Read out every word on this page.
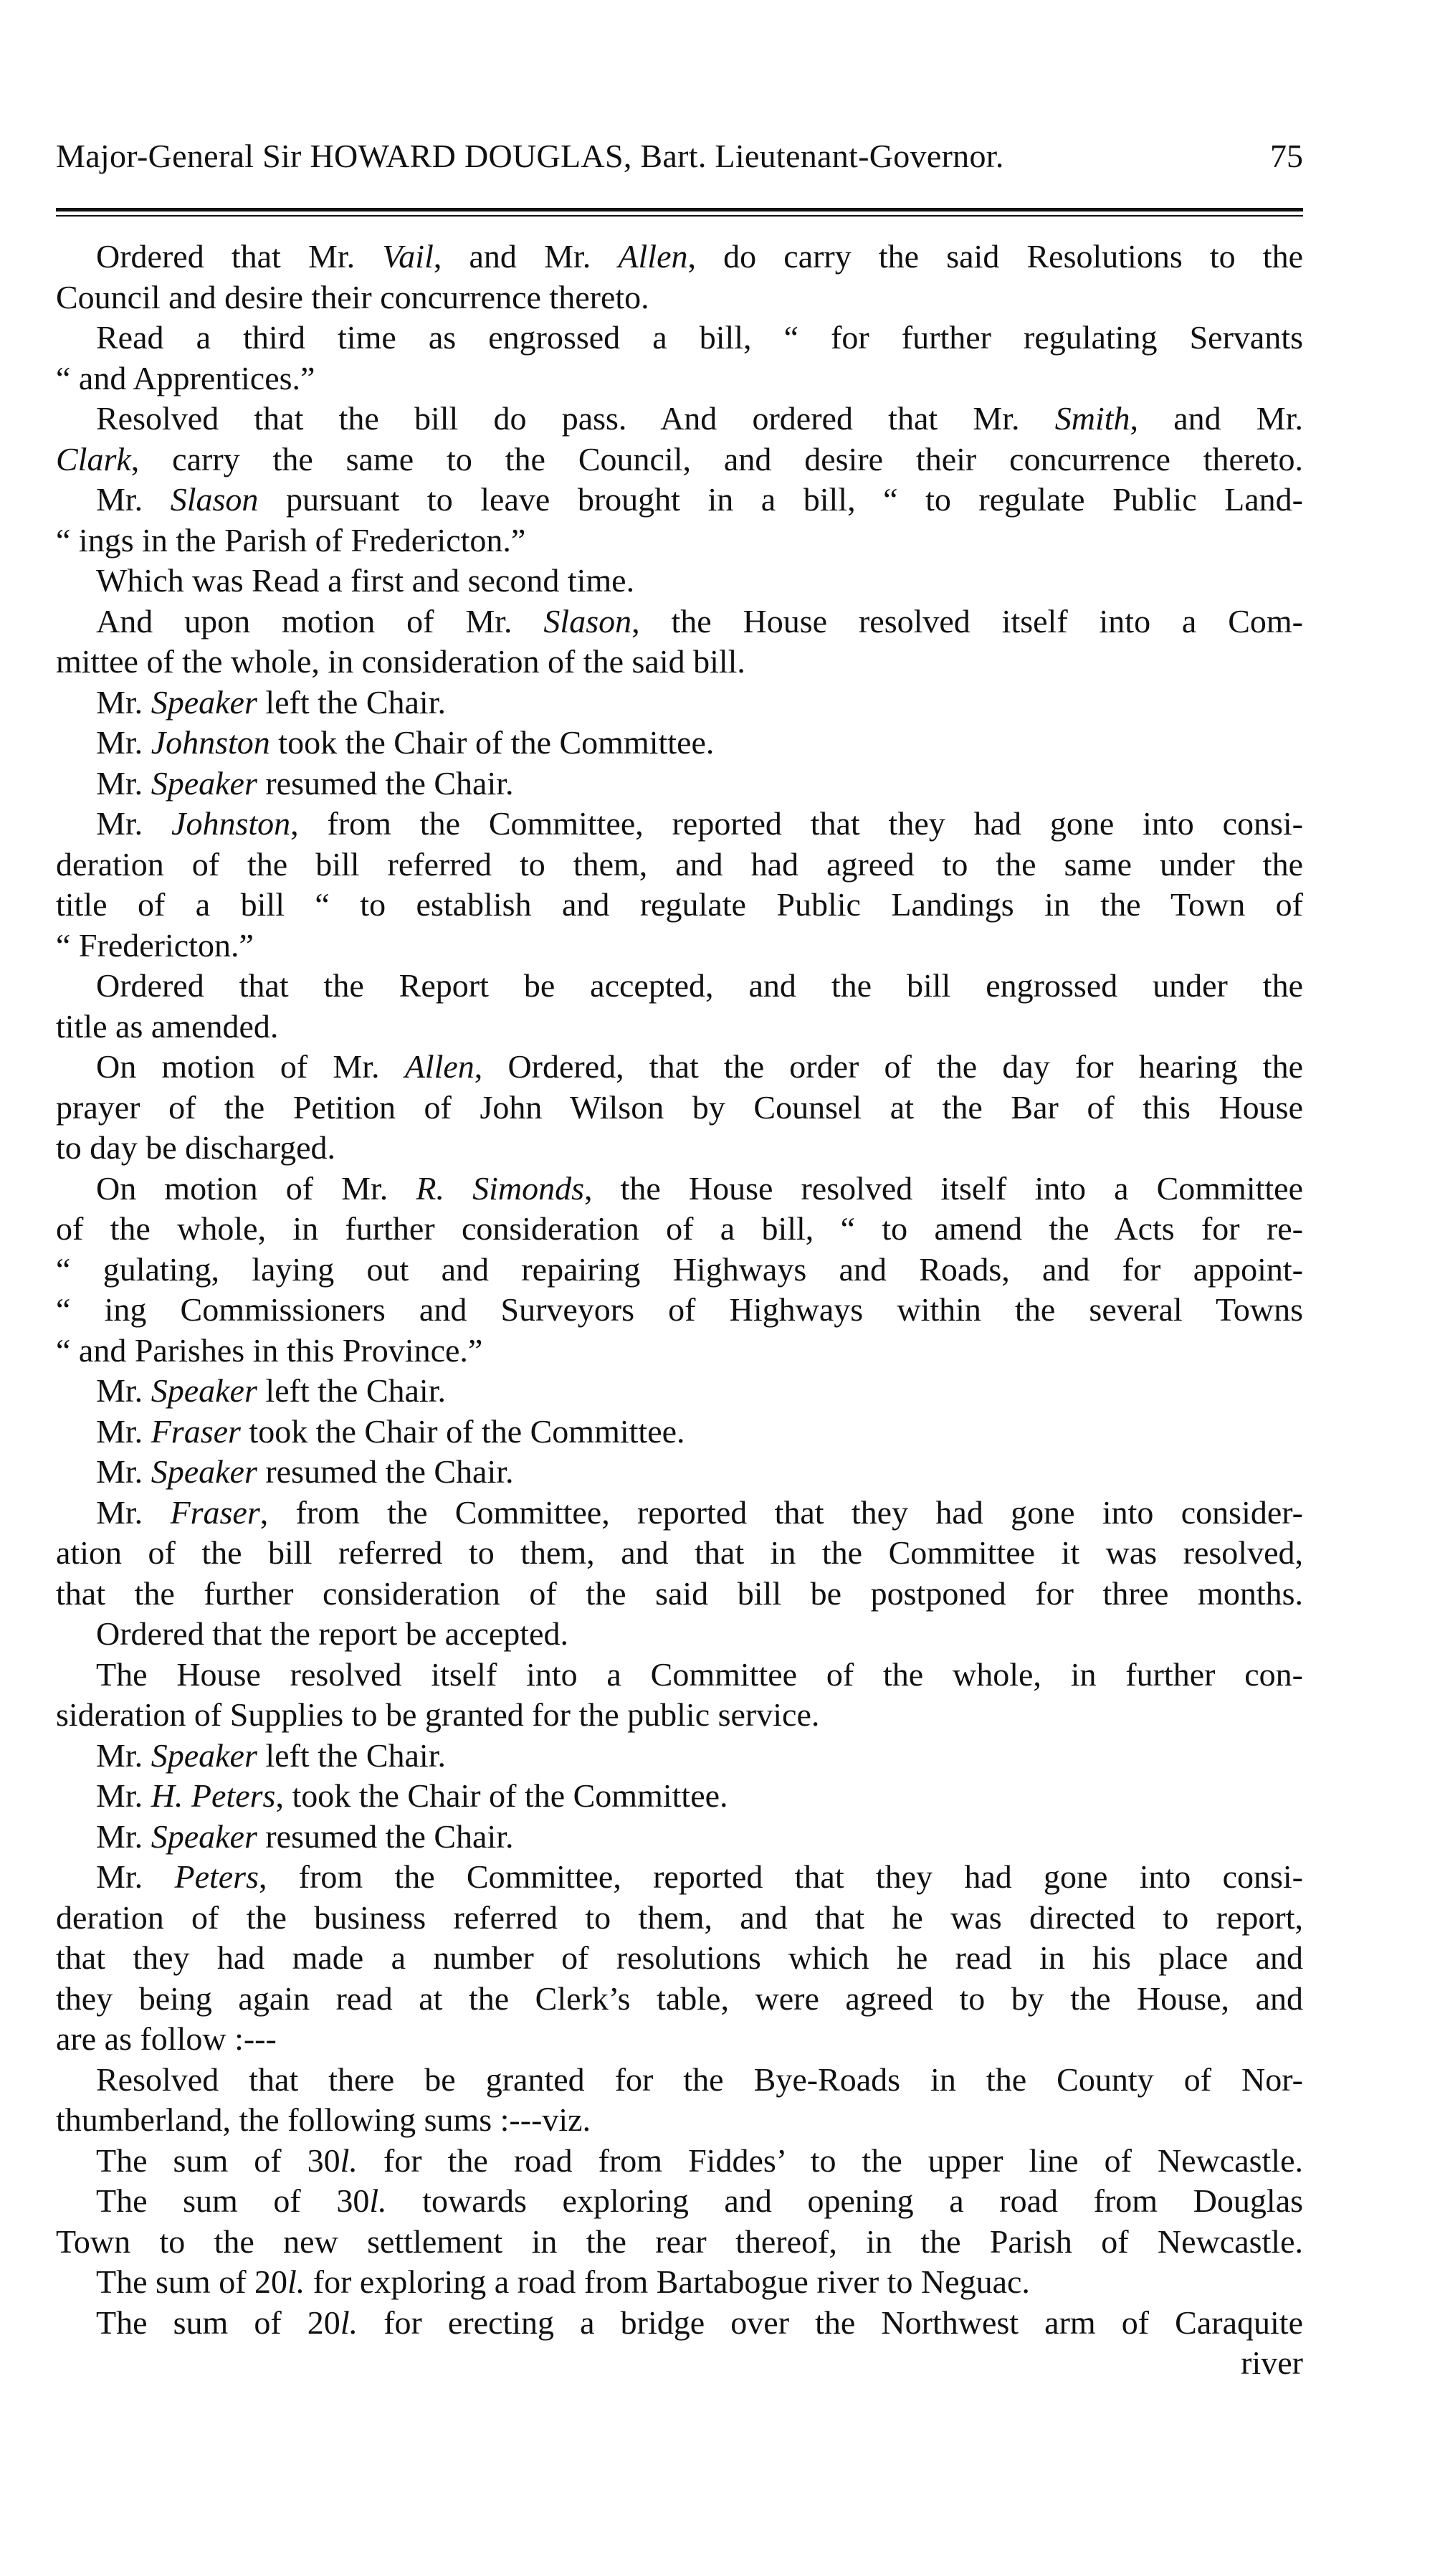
Major-General Sir HOWARD DOUGLAS, Bart. Lieutenant-Governor.	75
Ordered that Mr. Vail, and Mr. Allen, do carry the said Resolutions to the
Council and desire their concurrence thereto.
Read a third time as engrossed a bill, “ for further regulating Servants
“ and Apprentices.”
Resolved that the bill do pass. And ordered that Mr. Smith, and Mr.
Clark, carry the same to the Council, and desire their concurrence thereto.
Mr. Slason pursuant to leave brought in a bill, “ to regulate Public Land-
“ ings in the Parish of Fredericton.”
Which was Read a first and second time.
And upon motion of Mr. Slason, the House resolved itself into a Com-
mittee of the whole, in consideration of the said bill.
Mr. Speaker left the Chair.
Mr. Johnston took the Chair of the Committee.
Mr. Speaker resumed the Chair.
Mr. Johnston, from the Committee, reported that they had gone into consi-
deration of the bill referred to them, and had agreed to the same under the
title of a bill “ to establish and regulate Public Landings in the Town of
“ Fredericton.”
Ordered that the Report be accepted, and the bill engrossed under the
title as amended.
On motion of Mr. Allen, Ordered, that the order of the day for hearing the
prayer of the Petition of John Wilson by Counsel at the Bar of this House
to day be discharged.
On motion of Mr. R. Simonds, the House resolved itself into a Committee
of the whole, in further consideration of a bill, “ to amend the Acts for re-
“ gulating, laying out and repairing Highways and Roads, and for appoint-
“ ing Commissioners and Surveyors of Highways within the several Towns
“ and Parishes in this Province.”
Mr. Speaker left the Chair.
Mr. Fraser took the Chair of the Committee.
Mr. Speaker resumed the Chair.
Mr. Fraser, from the Committee, reported that they had gone into consider-
ation of the bill referred to them, and that in the Committee it was resolved,
that the further consideration of the said bill be postponed for three months.
Ordered that the report be accepted.
The House resolved itself into a Committee of the whole, in further con-
sideration of Supplies to be granted for the public service.
Mr. Speaker left the Chair.
Mr. H. Peters, took the Chair of the Committee.
Mr. Speaker resumed the Chair.
Mr. Peters, from the Committee, reported that they had gone into consi-
deration of the business referred to them, and that he was directed to report,
that they had made a number of resolutions which he read in his place and
they being again read at the Clerk’s table, were agreed to by the House, and
are as follow :---
Resolved that there be granted for the Bye-Roads in the County of Nor-
thumberland, the following sums :---viz.
The sum of 30l. for the road from Fiddes’ to the upper line of Newcastle.
The sum of 30l. towards exploring and opening a road from Douglas
Town to the new settlement in the rear thereof, in the Parish of Newcastle.
The sum of 20l. for exploring a road from Bartabogue river to Neguac.
The sum of 20l. for erecting a bridge over the Northwest arm of Caraquite
river
